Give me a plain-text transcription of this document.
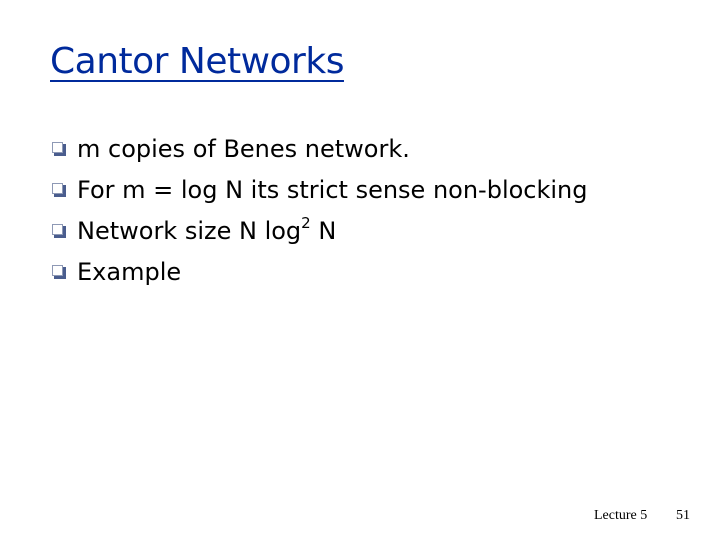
Cantor Networks
m copies of Benes network.
For m = log N its strict sense non-blocking
Network size N $\log^2 N$
Example
Lecture 5 51
